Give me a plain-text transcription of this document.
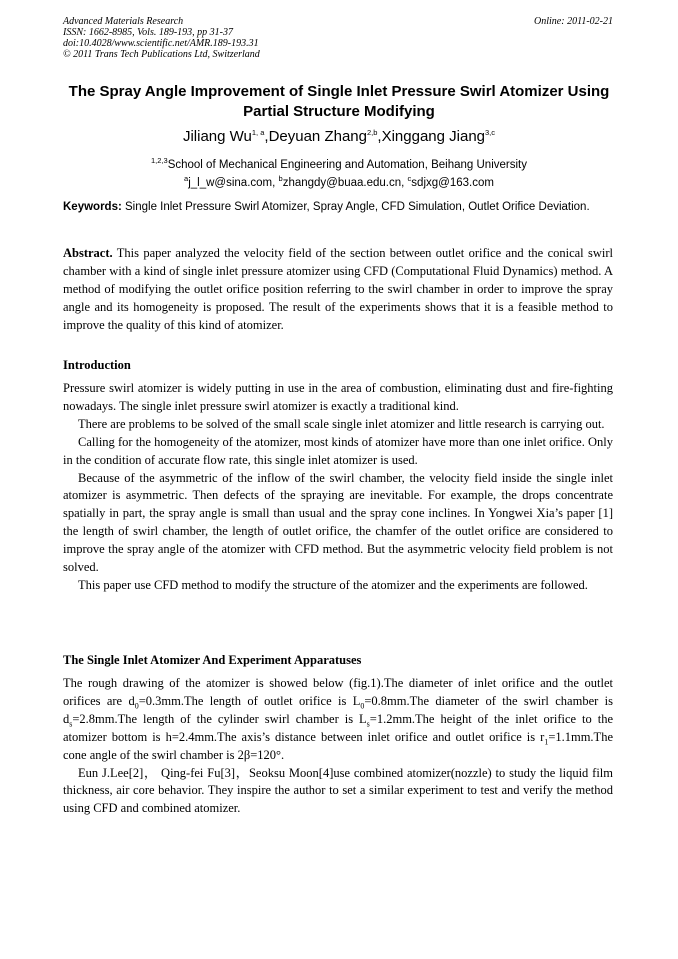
Advanced Materials Research
ISSN: 1662-8985, Vols. 189-193, pp 31-37
doi:10.4028/www.scientific.net/AMR.189-193.31
© 2011 Trans Tech Publications Ltd, Switzerland
Online: 2011-02-21
The Spray Angle Improvement of Single Inlet Pressure Swirl Atomizer Using Partial Structure Modifying
Jiliang Wu$^{1, a}$,Deyuan Zhang$^{2,b}$,Xinggang Jiang$^{3,c}$
$^{1,2,3}$School of Mechanical Engineering and Automation, Beihang University
$^a$j_l_w@sina.com, $^b$zhangdy@buaa.edu.cn, $^c$sdjxg@163.com
Keywords: Single Inlet Pressure Swirl Atomizer, Spray Angle, CFD Simulation, Outlet Orifice Deviation.

Abstract. This paper analyzed the velocity field of the section between outlet orifice and the conical swirl chamber with a kind of single inlet pressure atomizer using CFD (Computational Fluid Dynamics) method. A method of modifying the outlet orifice position referring to the swirl chamber in order to improve the spray angle and its homogeneity is proposed. The result of the experiments shows that it is a feasible method to improve the quality of this kind of atomizer.

Introduction

Pressure swirl atomizer is widely putting in use in the area of combustion, eliminating dust and fire-fighting nowadays. The single inlet pressure swirl atomizer is exactly a traditional kind.

There are problems to be solved of the small scale single inlet atomizer and little research is carrying out.

Calling for the homogeneity of the atomizer, most kinds of atomizer have more than one inlet orifice. Only in the condition of accurate flow rate, this single inlet atomizer is used.

Because of the asymmetric of the inflow of the swirl chamber, the velocity field inside the single inlet atomizer is asymmetric. Then defects of the spraying are inevitable. For example, the drops concentrate spatially in part, the spray angle is small than usual and the spray cone inclines. In Yongwei Xia’s paper [1] the length of swirl chamber, the length of outlet orifice, the chamfer of the outlet orifice are considered to improve the spray angle of the atomizer with CFD method. But the asymmetric velocity field problem is not solved.

This paper use CFD method to modify the structure of the atomizer and the experiments are followed.

The Single Inlet Atomizer And Experiment Apparatuses

The rough drawing of the atomizer is showed below (fig.1).The diameter of inlet orifice and the outlet orifices are $d_0=0.3mm.The$ length of outlet orifice is $L_0=0.8mm.The$ diameter of the swirl chamber is $d_s=2.8mm.The$ length of the cylinder swirl chamber is $L_s=1.2mm.The$ height of the inlet orifice to the atomizer bottom is h=2.4mm.The axis’s distance between inlet orifice and outlet orifice is $r_1=1.1mm.The$ cone angle of the swirl chamber is 2β=120°.

Eun J.Lee[2]， Qing-fei Fu[3]，Seoksu Moon[4]use combined atomizer(nozzle) to study the liquid film thickness, air core behavior. They inspire the author to set a similar experiment to test and verify the method using CFD and combined atomizer.
